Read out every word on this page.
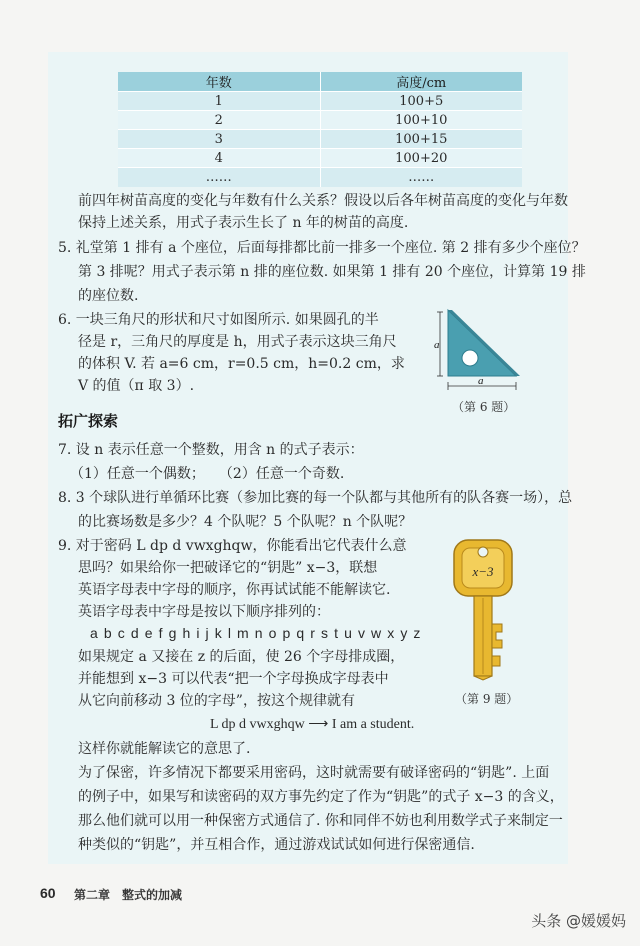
年数	高度/cm
1	100+5
2	100+10
3	100+15
4	100+20
……	……
前四年树苗高度的变化与年数有什么关系？假设以后各年树苗高度的变化与年数
保持上述关系，用式子表示生长了 n 年的树苗的高度.
5. 礼堂第 1 排有 a 个座位，后面每排都比前一排多一个座位. 第 2 排有多少个座位？
第 3 排呢？用式子表示第 n 排的座位数. 如果第 1 排有 20 个座位，计算第 19 排
的座位数.
6. 一块三角尺的形状和尺寸如图所示. 如果圆孔的半
径是 r，三角尺的厚度是 h，用式子表示这块三角尺
的体积 V. 若 a=6 cm，r=0.5 cm，h=0.2 cm，求
V 的值（π 取 3）.
a
a
（第 6 题）
拓广探索
7. 设 n 表示任意一个整数，用含 n 的式子表示：
（1）任意一个偶数；　　（2）任意一个奇数.
8. 3 个球队进行单循环比赛（参加比赛的每一个队都与其他所有的队各赛一场），总
的比赛场数是多少？4 个队呢？5 个队呢？n 个队呢？
9. 对于密码 L dp d vwxghqw，你能看出它代表什么意
思吗？如果给你一把破译它的“钥匙” x−3，联想
英语字母表中字母的顺序，你再试试能不能解读它.
英语字母表中字母是按以下顺序排列的：
a b c d e f g h i j k l m n o p q r s t u v w x y z
如果规定 a 又接在 z 的后面，使 26 个字母排成圈，
并能想到 x−3 可以代表“把一个字母换成字母表中
从它向前移动 3 位的字母”，按这个规律就有
L dp d vwxghqw ⟶ I am a student.
这样你就能解读它的意思了.
x−3
（第 9 题）
为了保密，许多情况下都要采用密码，这时就需要有破译密码的“钥匙”. 上面
的例子中，如果写和读密码的双方事先约定了作为“钥匙”的式子 x−3 的含义，
那么他们就可以用一种保密方式通信了. 你和同伴不妨也利用数学式子来制定一
种类似的“钥匙”，并互相合作，通过游戏试试如何进行保密通信.
60 第二章　整式的加减
头条 @媛媛妈
